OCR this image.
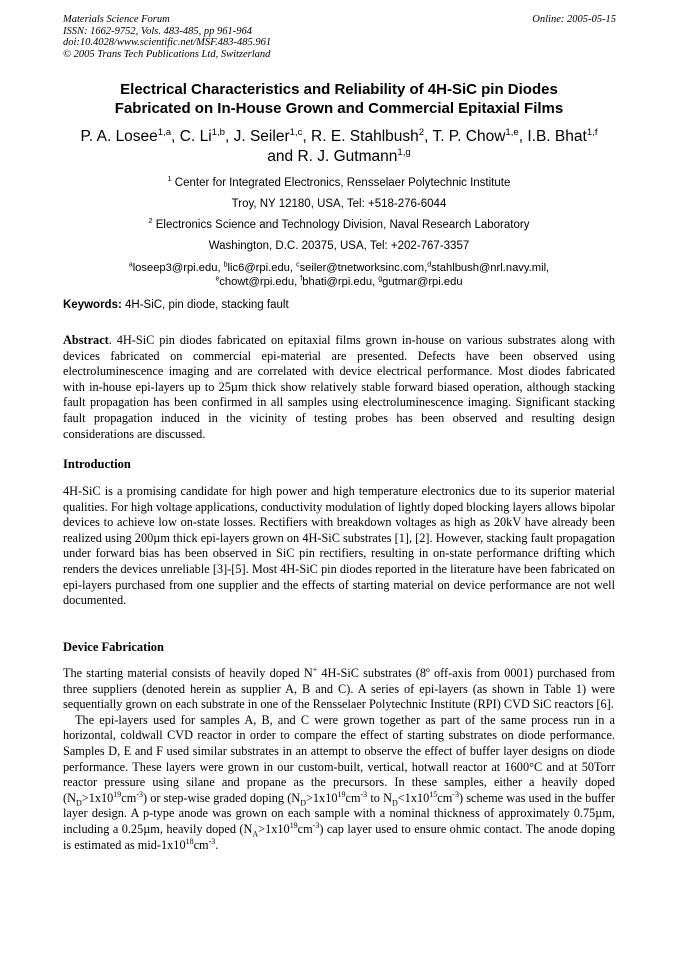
Materials Science Forum
ISSN: 1662-9752, Vols. 483-485, pp 961-964
doi:10.4028/www.scientific.net/MSF.483-485.961
© 2005 Trans Tech Publications Ltd, Switzerland
Online: 2005-05-15
Electrical Characteristics and Reliability of 4H-SiC pin Diodes
Fabricated on In-House Grown and Commercial Epitaxial Films
P. A. Losee$^{1,a}$, C. Li$^{1,b}$, J. Seiler$^{1,c}$, R. E. Stahlbush$^2$, T. P. Chow$^{1,e}$, I.B. Bhat$^{1,f}$
and R. J. Gutmann$^{1,g}$
$^1$ Center for Integrated Electronics, Rensselaer Polytechnic Institute
Troy, NY 12180, USA, Tel: +518-276-6044
$^2$ Electronics Science and Technology Division, Naval Research Laboratory
Washington, D.C. 20375, USA, Tel: +202-767-3357
$^a$loseep3@rpi.edu, $^b$lic6@rpi.edu, $^c$seiler@tnetworksinc.com,$^d$stahlbush@nrl.navy.mil,
$^e$chowt@rpi.edu, $^f$bhati@rpi.edu, $^g$gutmar@rpi.edu
Keywords: 4H-SiC, pin diode, stacking fault

Abstract. 4H-SiC pin diodes fabricated on epitaxial films grown in-house on various substrates along with devices fabricated on commercial epi-material are presented. Defects have been observed using electroluminescence imaging and are correlated with device electrical performance. Most diodes fabricated with in-house epi-layers up to 25µm thick show relatively stable forward biased operation, although stacking fault propagation has been confirmed in all samples using electroluminescence imaging. Significant stacking fault propagation induced in the vicinity of testing probes has been observed and resulting design considerations are discussed.

Introduction

4H-SiC is a promising candidate for high power and high temperature electronics due to its superior material qualities. For high voltage applications, conductivity modulation of lightly doped blocking layers allows bipolar devices to achieve low on-state losses. Rectifiers with breakdown voltages as high as 20kV have already been realized using 200µm thick epi-layers grown on 4H-SiC substrates [1], [2]. However, stacking fault propagation under forward bias has been observed in SiC pin rectifiers, resulting in on-state performance drifting which renders the devices unreliable [3]-[5]. Most 4H-SiC pin diodes reported in the literature have been fabricated on epi-layers purchased from one supplier and the effects of starting material on device performance are not well documented.

Device Fabrication

The starting material consists of heavily doped N+ 4H-SiC substrates (8º off-axis from 0001) purchased from three suppliers (denoted herein as supplier A, B and C). A series of epi-layers (as shown in Table 1) were sequentially grown on each substrate in one of the Rensselaer Polytechnic Institute (RPI) CVD SiC reactors [6].

The epi-layers used for samples A, B, and C were grown together as part of the same process run in a horizontal, coldwall CVD reactor in order to compare the effect of starting substrates on diode performance. Samples D, E and F used similar substrates in an attempt to observe the effect of buffer layer designs on diode performance. These layers were grown in our custom-built, vertical, hotwall reactor at 1600°C and at 50Torr reactor pressure using silane and propane as the precursors. In these samples, either a heavily doped $(N_D>1x10^{19}cm^{-3})$ or step-wise graded doping ($N_D>1x10^{19}cm^{-3}$ to $N_D<1x10^{15}cm^{-3}$) scheme was used in the buffer layer design. A p-type anode was grown on each sample with a nominal thickness of approximately 0.75µm, including a 0.25µm, heavily doped $(N_A>1x10^{19}cm^{-3})$ cap layer used to ensure ohmic contact. The anode doping is estimated as mid-$1x10^{18}cm^{-3}$.
